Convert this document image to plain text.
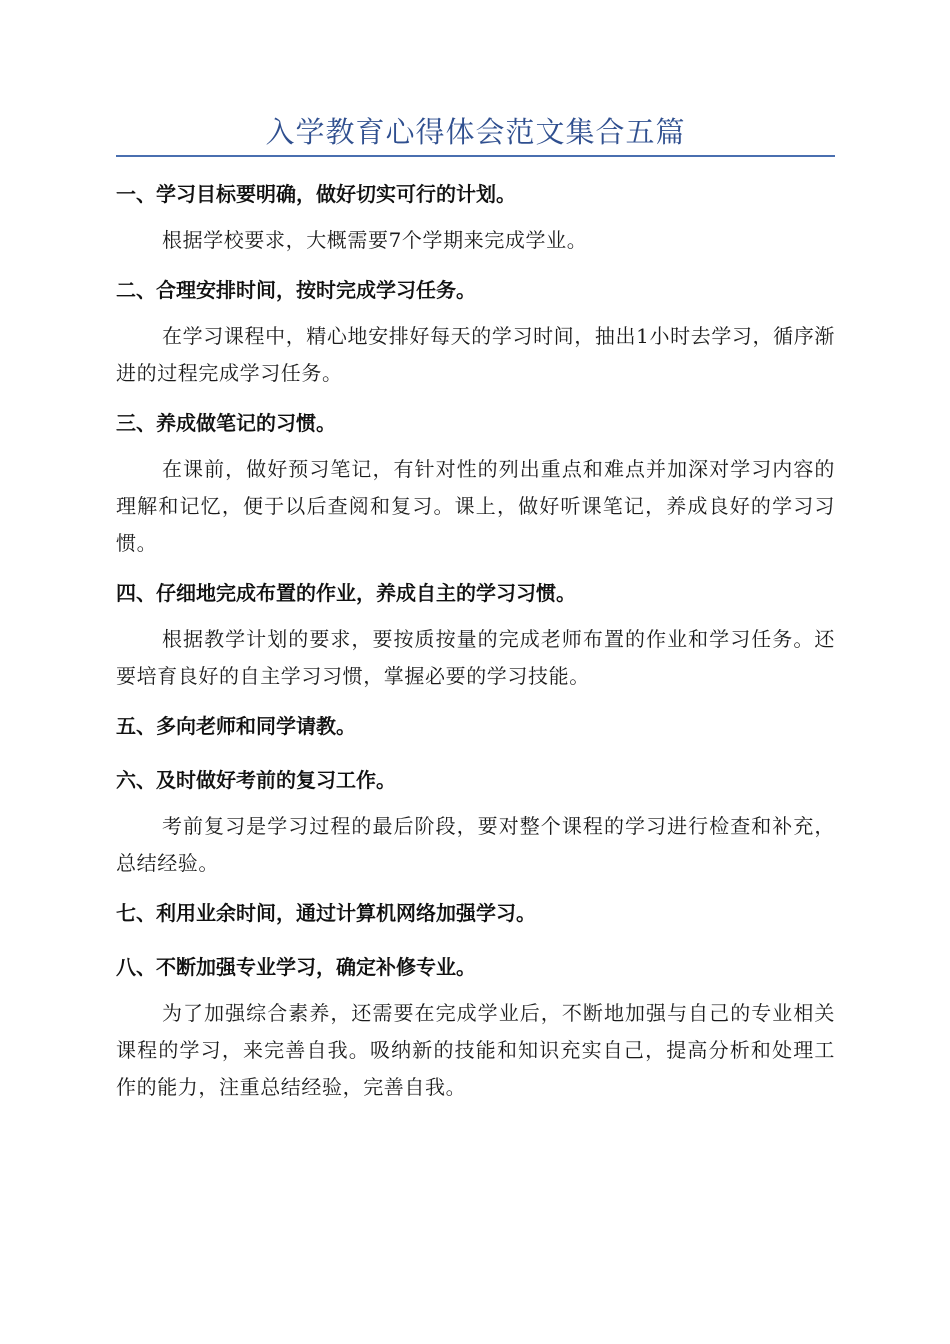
入学教育心得体会范文集合五篇

一、学习目标要明确，做好切实可行的计划。

根据学校要求，大概需要7个学期来完成学业。

二、合理安排时间，按时完成学习任务。

在学习课程中，精心地安排好每天的学习时间，抽出1小时去学习，循序渐进的过程完成学习任务。

三、养成做笔记的习惯。

在课前，做好预习笔记，有针对性的列出重点和难点并加深对学习内容的理解和记忆，便于以后查阅和复习。课上，做好听课笔记，养成良好的学习习惯。

四、仔细地完成布置的作业，养成自主的学习习惯。

根据教学计划的要求，要按质按量的完成老师布置的作业和学习任务。还要培育良好的自主学习习惯，掌握必要的学习技能。

五、多向老师和同学请教。

六、及时做好考前的复习工作。

考前复习是学习过程的最后阶段，要对整个课程的学习进行检查和补充，总结经验。

七、利用业余时间，通过计算机网络加强学习。

八、不断加强专业学习，确定补修专业。

为了加强综合素养，还需要在完成学业后，不断地加强与自己的专业相关课程的学习，来完善自我。吸纳新的技能和知识充实自己，提高分析和处理工作的能力，注重总结经验，完善自我。
